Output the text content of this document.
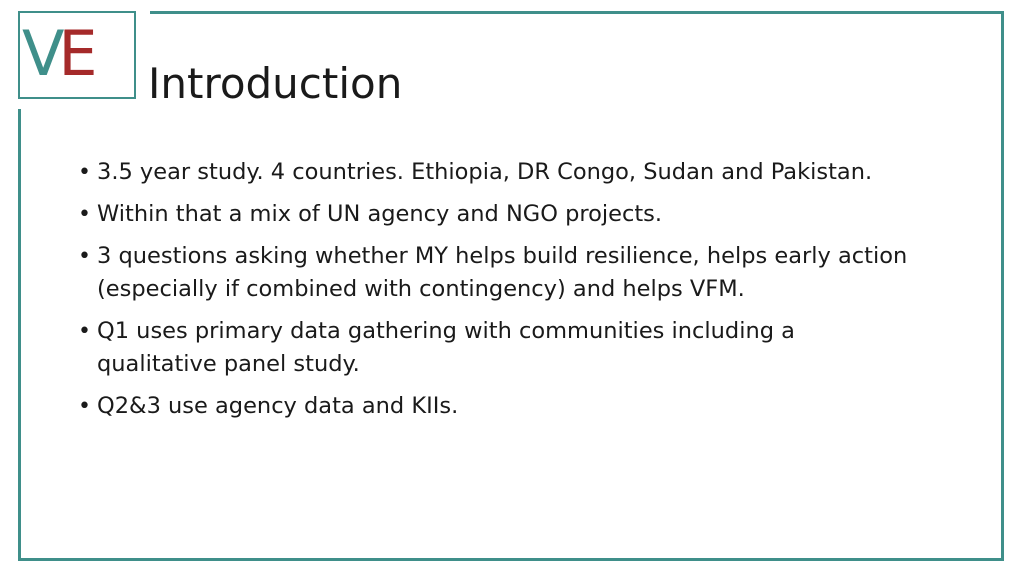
VE Introduction
• 3.5 year study. 4 countries. Ethiopia, DR Congo, Sudan and Pakistan.
• Within that a mix of UN agency and NGO projects.
• 3 questions asking whether MY helps build resilience, helps early action (especially if combined with contingency) and helps VFM.
• Q1 uses primary data gathering with communities including a qualitative panel study.
• Q2&3 use agency data and KIIs.
